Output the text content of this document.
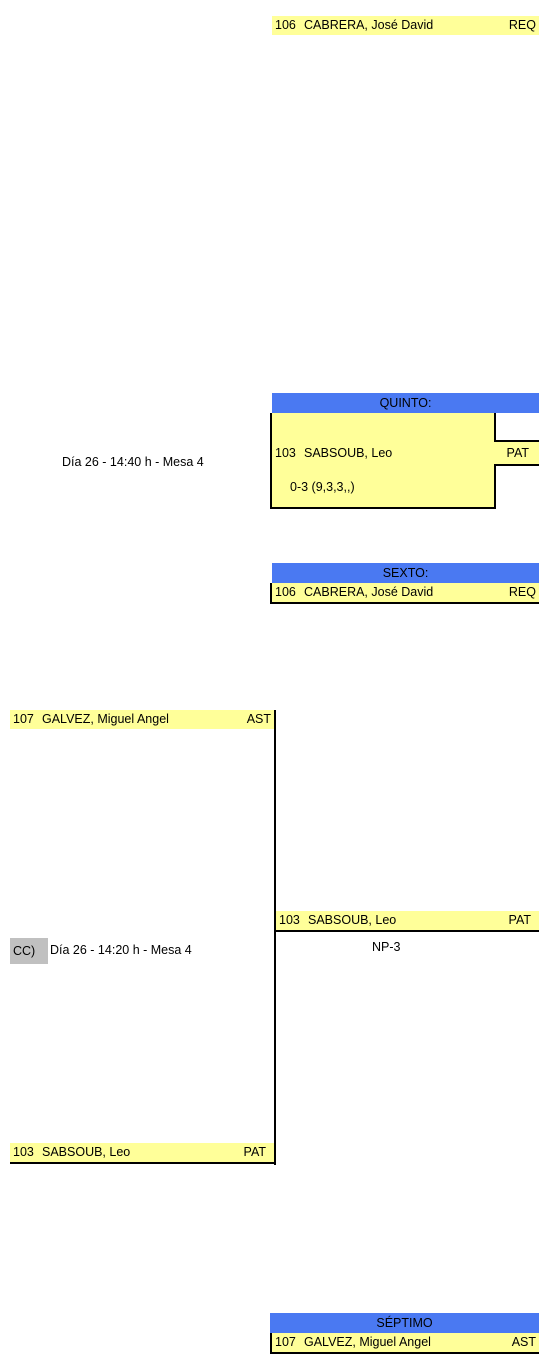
106 CABRERA, José David	REQ
QUINTO:
103 SABSOUB, Leo	PAT
0-3 (9,3,3,,)
Día 26 - 14:40 h - Mesa 4
SEXTO:
106 CABRERA, José David	REQ
107 GALVEZ, Miguel Angel	AST
103 SABSOUB, Leo	PAT
103 SABSOUB, Leo	PAT
NP-3
CC)	Día 26 - 14:20 h - Mesa 4
SÉPTIMO
107 GALVEZ, Miguel Angel	AST
